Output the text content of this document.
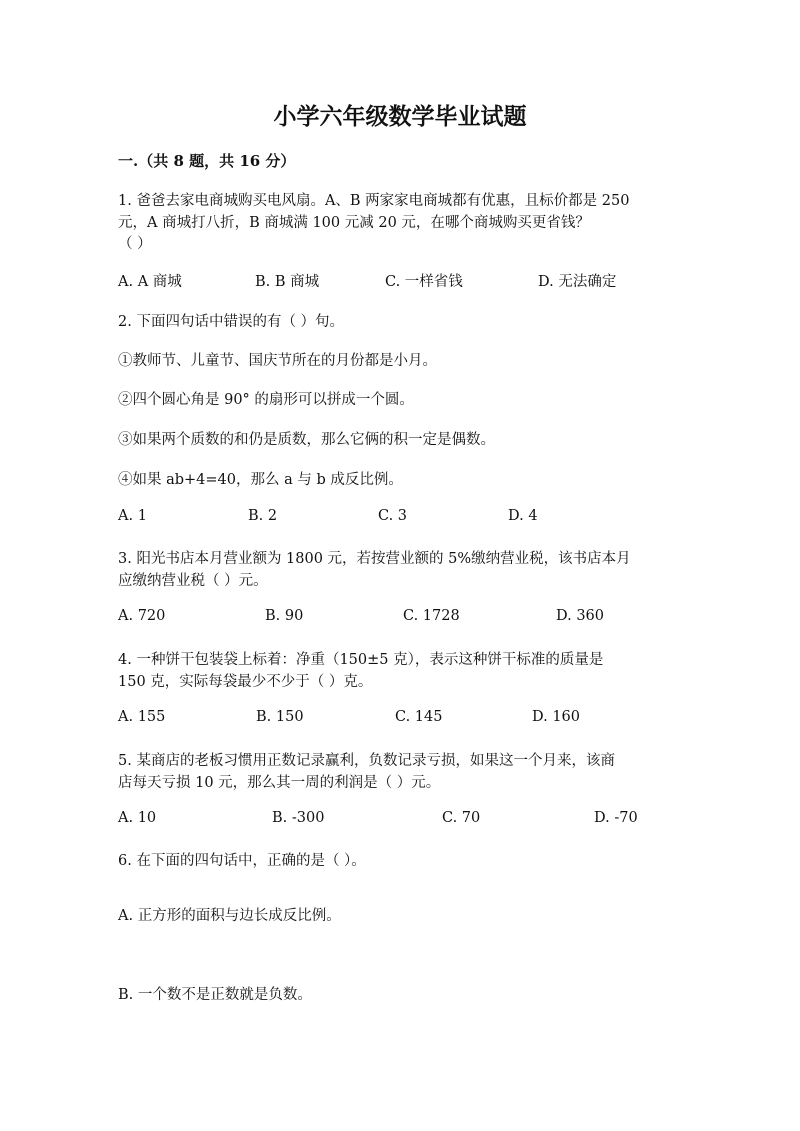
小学六年级数学毕业试题
一.（共 8 题，共 16 分）
1. 爸爸去家电商城购买电风扇。A、B 两家家电商城都有优惠，且标价都是 250
元，A 商城打八折，B 商城满 100 元减 20 元，在哪个商城购买更省钱？
（ ）
A. A 商城	B. B 商城	C. 一样省钱	D. 无法确定
2. 下面四句话中错误的有（ ）句。
①教师节、儿童节、国庆节所在的月份都是小月。
②四个圆心角是 90° 的扇形可以拼成一个圆。
③如果两个质数的和仍是质数，那么它俩的积一定是偶数。
④如果 ab+4=40，那么 a 与 b 成反比例。
A. 1	B. 2	C. 3	D. 4
3. 阳光书店本月营业额为 1800 元，若按营业额的 5%缴纳营业税，该书店本月
应缴纳营业税（ ）元。
A. 720	B. 90	C. 1728	D. 360
4. 一种饼干包装袋上标着：净重（150±5 克），表示这种饼干标准的质量是
150 克，实际每袋最少不少于（ ）克。
A. 155	B. 150	C. 145	D. 160
5. 某商店的老板习惯用正数记录赢利，负数记录亏损，如果这一个月来，该商
店每天亏损 10 元，那么其一周的利润是（ ）元。
A. 10	B. -300	C. 70	D. -70
6. 在下面的四句话中，正确的是（ ）。
A. 正方形的面积与边长成反比例。
B. 一个数不是正数就是负数。
